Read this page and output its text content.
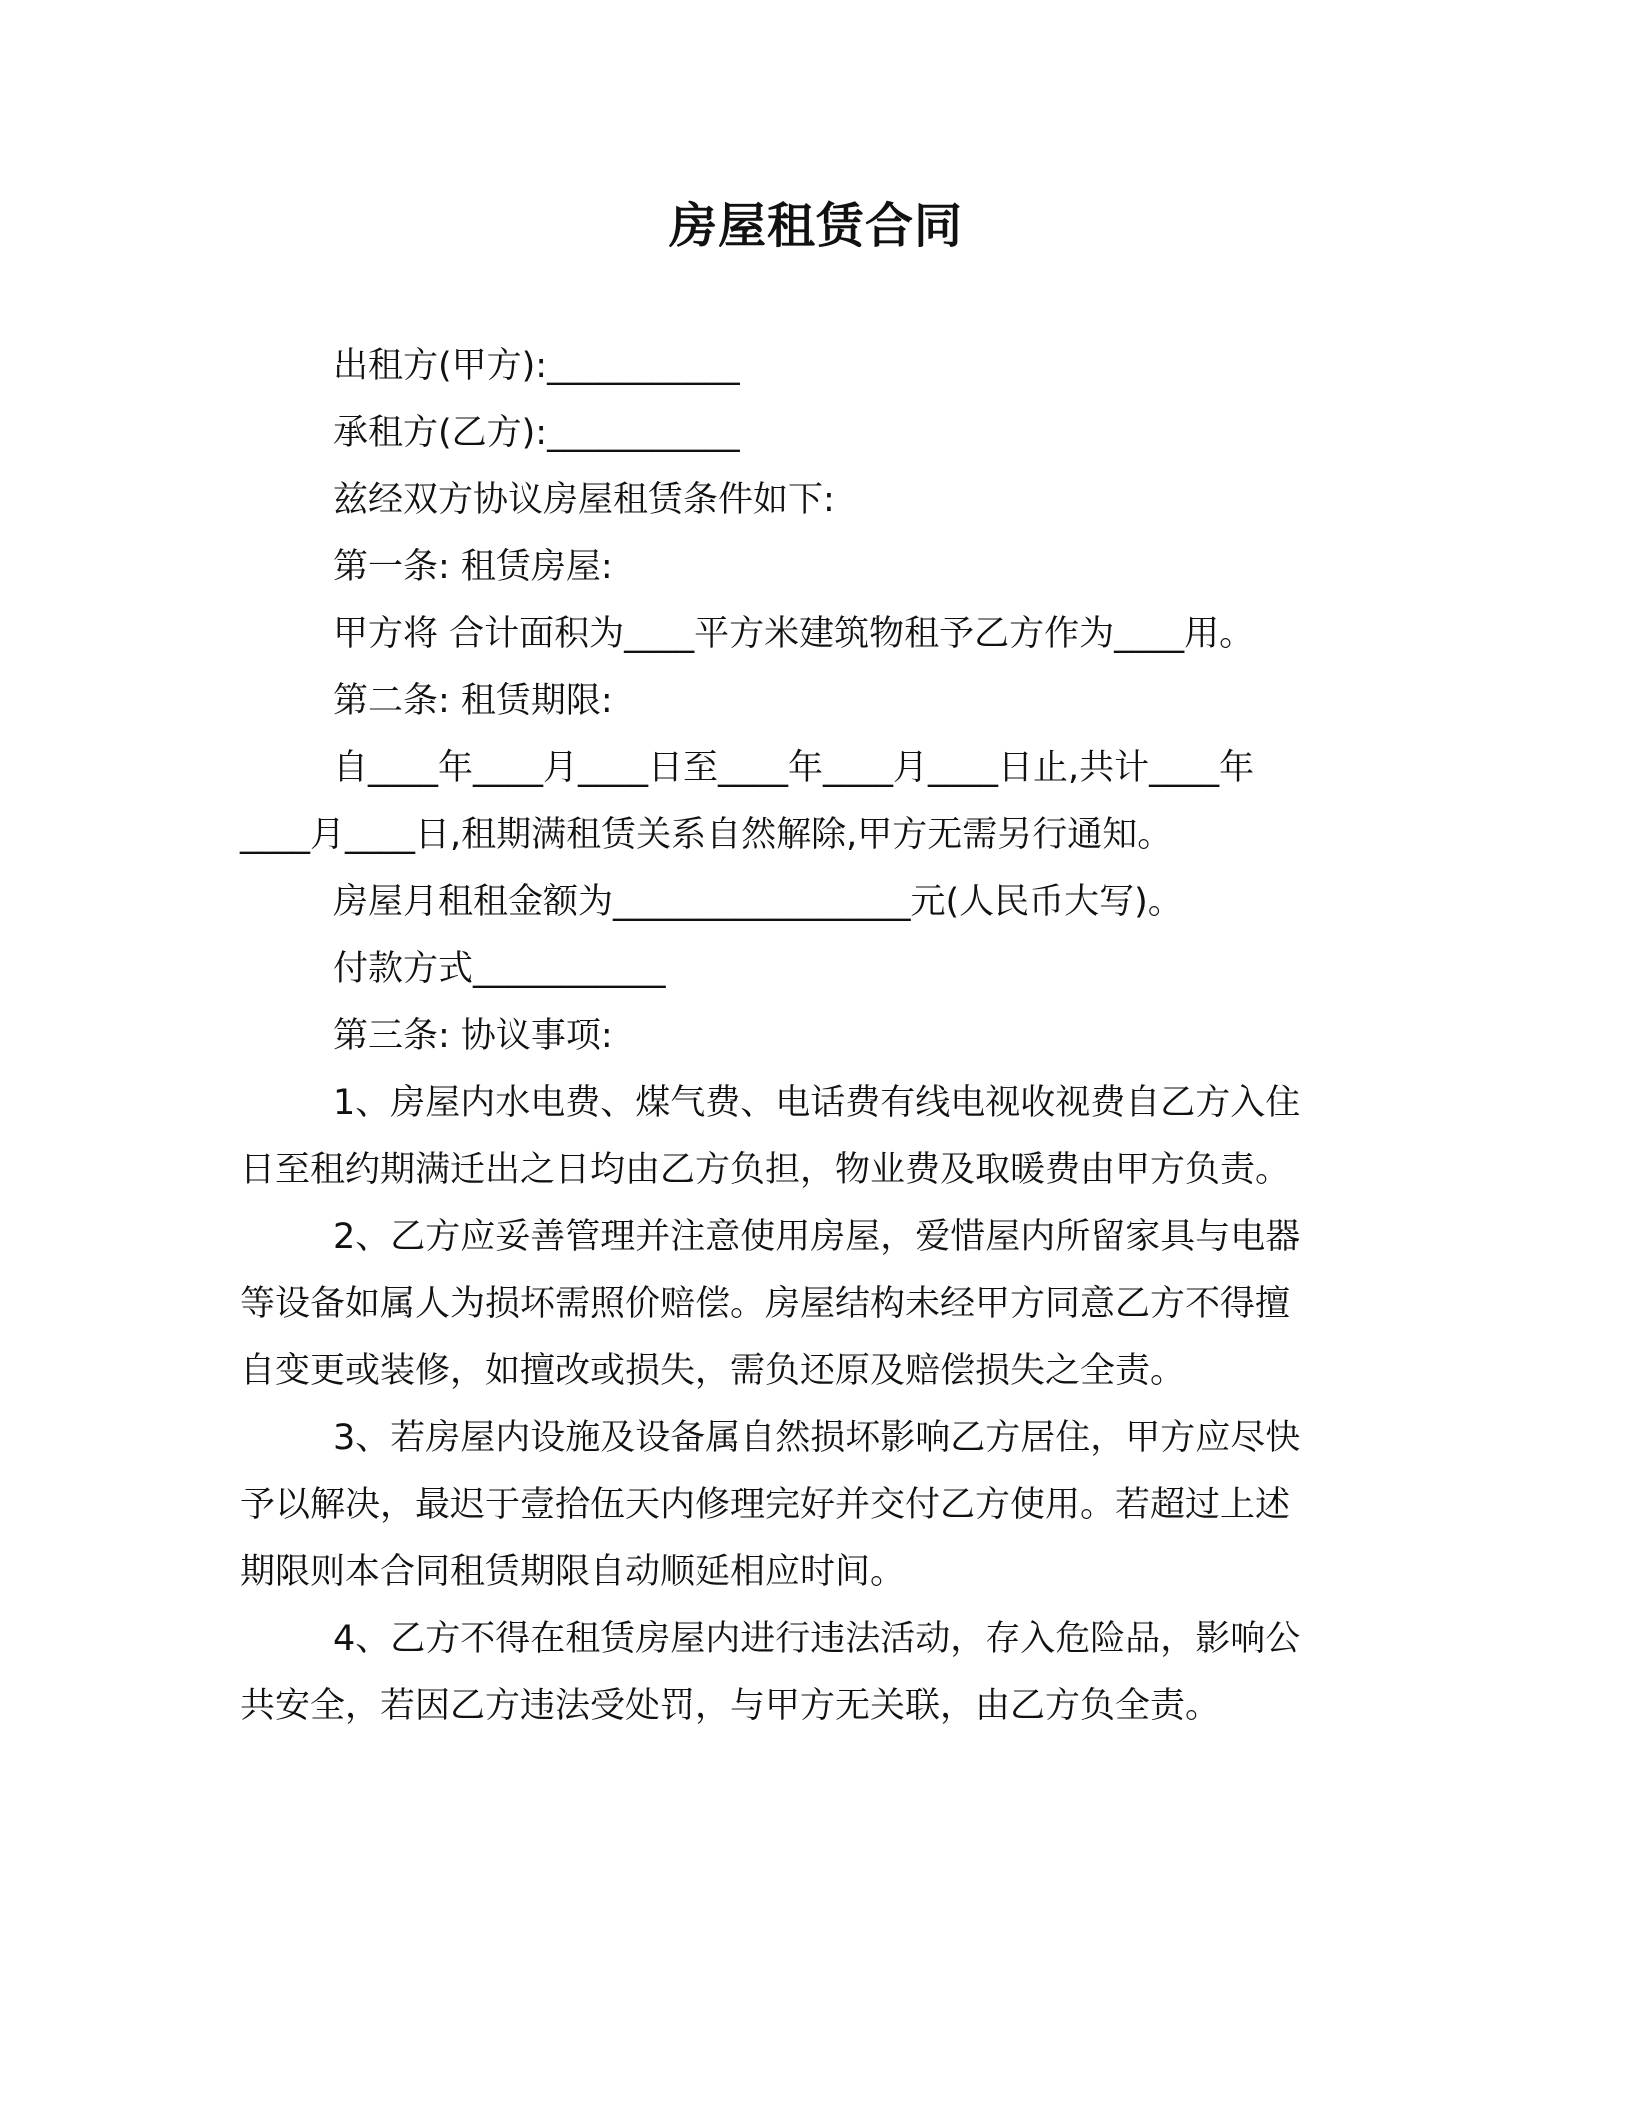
房屋租赁合同
出租方(甲方):___________
承租方(乙方):___________
兹经双方协议房屋租赁条件如下:
第一条: 租赁房屋:
甲方将 合计面积为____平方米建筑物租予乙方作为____用。
第二条: 租赁期限:
自____年____月____日至____年____月____日止,共计____年
____月____日,租期满租赁关系自然解除,甲方无需另行通知。
房屋月租租金额为_________________元(人民币大写)。
付款方式___________
第三条: 协议事项:
1、房屋内水电费、煤气费、电话费有线电视收视费自乙方入住
日至租约期满迁出之日均由乙方负担，物业费及取暖费由甲方负责。
2、乙方应妥善管理并注意使用房屋，爱惜屋内所留家具与电器
等设备如属人为损坏需照价赔偿。房屋结构未经甲方同意乙方不得擅
自变更或装修，如擅改或损失，需负还原及赔偿损失之全责。
3、若房屋内设施及设备属自然损坏影响乙方居住，甲方应尽快
予以解决，最迟于壹拾伍天内修理完好并交付乙方使用。若超过上述
期限则本合同租赁期限自动顺延相应时间。
4、乙方不得在租赁房屋内进行违法活动，存入危险品，影响公
共安全，若因乙方违法受处罚，与甲方无关联，由乙方负全责。
